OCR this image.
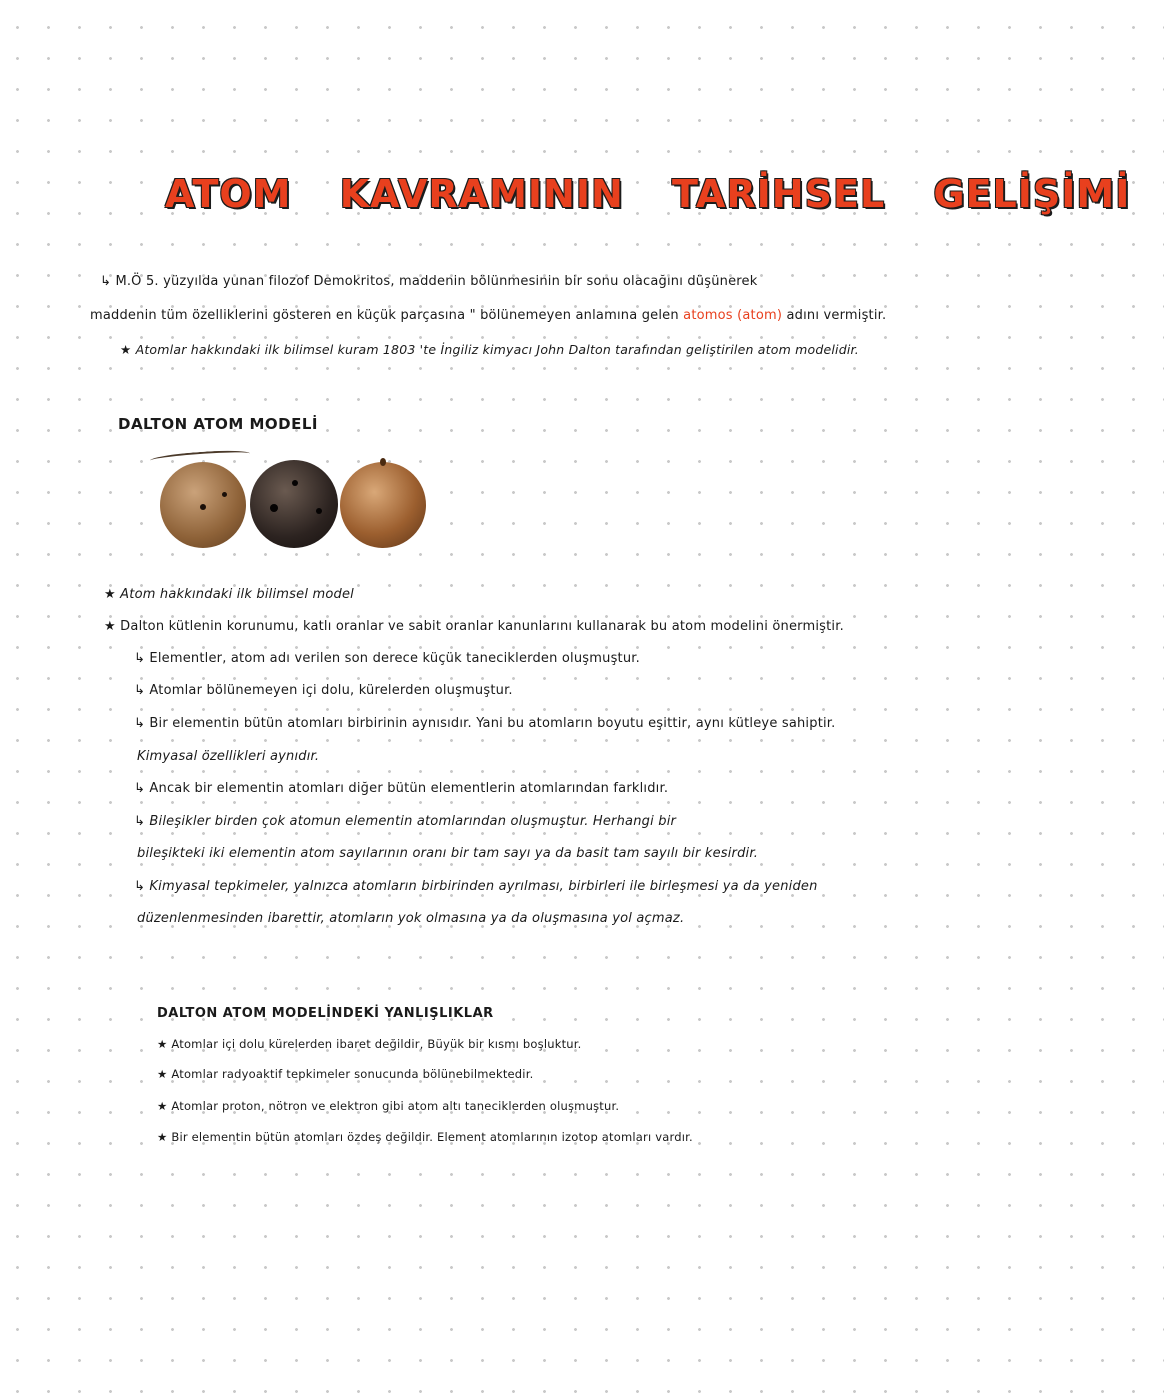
ATOM KAVRAMININ TARİHSEL GELİŞİMİ
↳ M.Ö 5. yüzyılda yunan filozof Demokritos, maddenin bölünmesinin bir sonu olacağını düşünerek
maddenin tüm özelliklerini gösteren en küçük parçasına " bölünemeyen anlamına gelen atomos (atom) adını vermiştir.
★ Atomlar hakkındaki ilk bilimsel kuram 1803 'te İngiliz kimyacı John Dalton tarafından geliştirilen atom modelidir.
DALTON ATOM MODELİ
★ Atom hakkındaki ilk bilimsel model
★ Dalton kütlenin korunumu, katlı oranlar ve sabit oranlar kanunlarını kullanarak bu atom modelini önermiştir.
↳ Elementler, atom adı verilen son derece küçük taneciklerden oluşmuştur.
↳ Atomlar bölünemeyen içi dolu, kürelerden oluşmuştur.
↳ Bir elementin bütün atomları birbirinin aynısıdır. Yani bu atomların boyutu eşittir, aynı kütleye sahiptir.
Kimyasal özellikleri aynıdır.
↳ Ancak bir elementin atomları diğer bütün elementlerin atomlarından farklıdır.
↳ Bileşikler birden çok atomun elementin atomlarından oluşmuştur. Herhangi bir
bileşikteki iki elementin atom sayılarının oranı bir tam sayı ya da basit tam sayılı bir kesirdir.
↳ Kimyasal tepkimeler, yalnızca atomların birbirinden ayrılması, birbirleri ile birleşmesi ya da yeniden
düzenlenmesinden ibarettir, atomların yok olmasına ya da oluşmasına yol açmaz.
DALTON ATOM MODELİNDEKİ YANLIŞLIKLAR
★ Atomlar içi dolu kürelerden ibaret değildir, Büyük bir kısmı boşluktur.
★ Atomlar radyoaktif tepkimeler sonucunda bölünebilmektedir.
★ Atomlar proton, nötron ve elektron gibi atom altı taneciklerden oluşmuştur.
★ Bir elementin bütün atomları özdeş değildir. Element atomlarının izotop atomları vardır.
